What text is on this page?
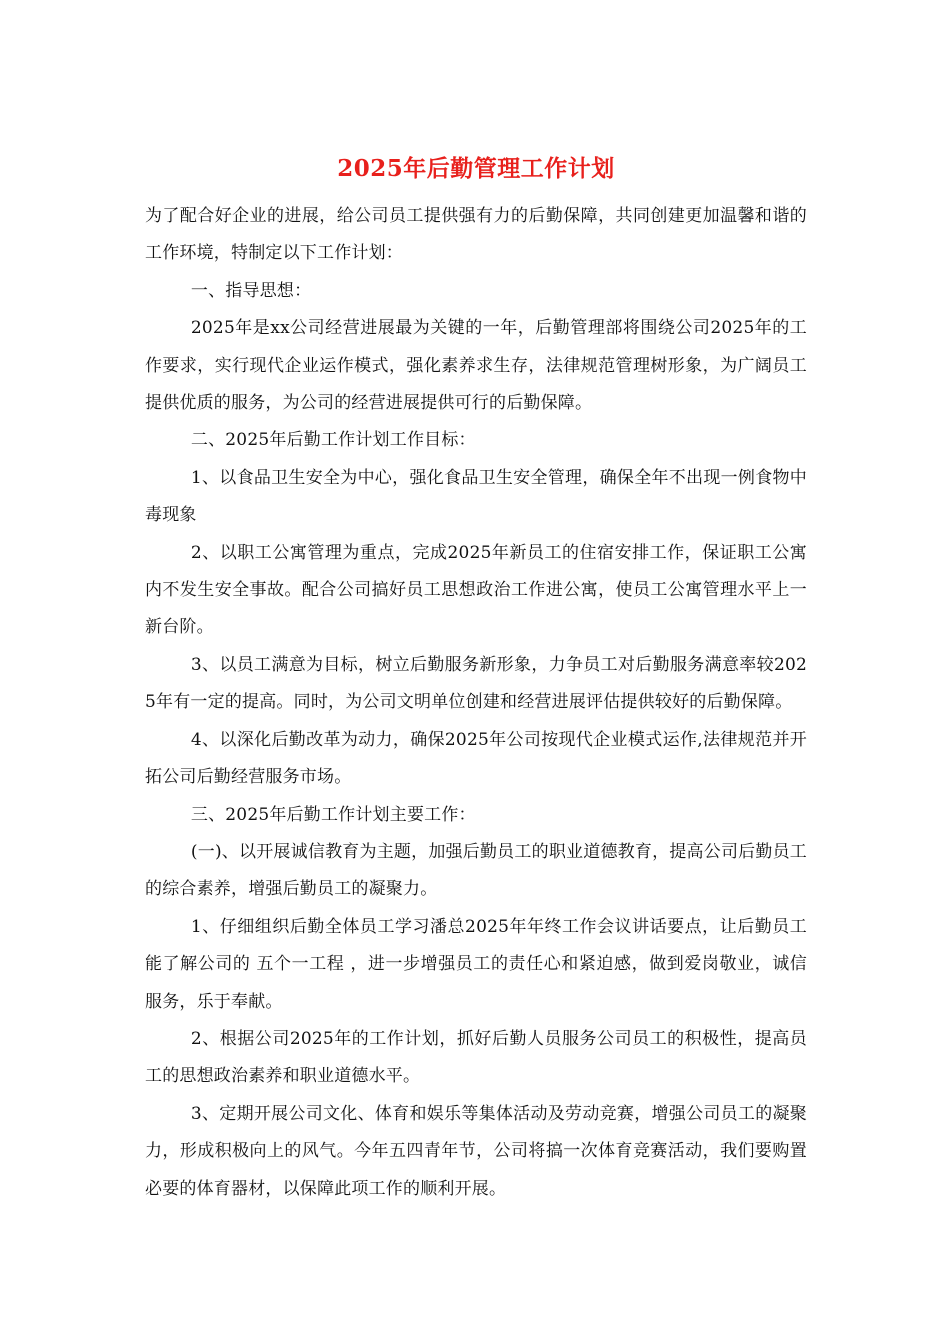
2025年后勤管理工作计划

为了配合好企业的进展，给公司员工提供强有力的后勤保障，共同创建更加温馨和谐的工作环境，特制定以下工作计划：

一、指导思想：

2025年是xx公司经营进展最为关键的一年，后勤管理部将围绕公司2025年的工作要求，实行现代企业运作模式，强化素养求生存，法律规范管理树形象，为广阔员工提供优质的服务，为公司的经营进展提供可行的后勤保障。

二、2025年后勤工作计划工作目标：

1、以食品卫生安全为中心，强化食品卫生安全管理，确保全年不出现一例食物中毒现象

2、以职工公寓管理为重点，完成2025年新员工的住宿安排工作，保证职工公寓内不发生安全事故。配合公司搞好员工思想政治工作进公寓，使员工公寓管理水平上一新台阶。

3、以员工满意为目标，树立后勤服务新形象，力争员工对后勤服务满意率较2025年有一定的提高。同时，为公司文明单位创建和经营进展评估提供较好的后勤保障。

4、以深化后勤改革为动力，确保2025年公司按现代企业模式运作,法律规范并开拓公司后勤经营服务市场。

三、2025年后勤工作计划主要工作：

(一)、以开展诚信教育为主题，加强后勤员工的职业道德教育，提高公司后勤员工的综合素养，增强后勤员工的凝聚力。

1、仔细组织后勤全体员工学习潘总2025年年终工作会议讲话要点，让后勤员工能了解公司的 五个一工程 ，进一步增强员工的责任心和紧迫感，做到爱岗敬业，诚信服务，乐于奉献。

2、根据公司2025年的工作计划，抓好后勤人员服务公司员工的积极性，提高员工的思想政治素养和职业道德水平。

3、定期开展公司文化、体育和娱乐等集体活动及劳动竞赛，增强公司员工的凝聚力，形成积极向上的风气。今年五四青年节，公司将搞一次体育竞赛活动，我们要购置必要的体育器材，以保障此项工作的顺利开展。
